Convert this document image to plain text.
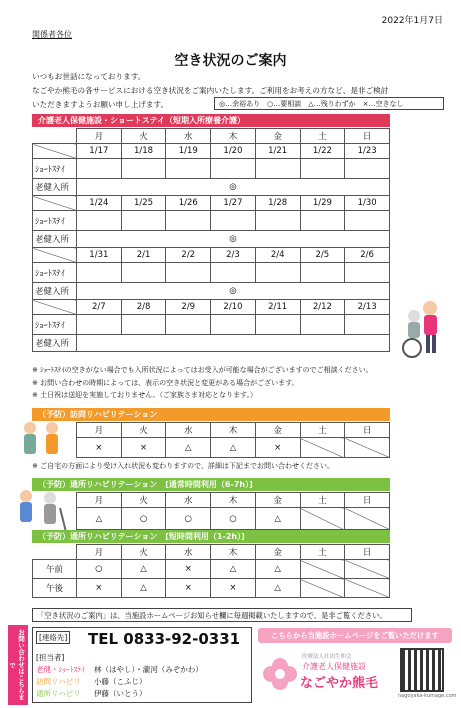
2022年1月7日
関係者各位
空き状況のご案内
いつもお世話になっております。
なごやか熊毛の各サービスにおける空き状況をご案内いたします。ご利用をお考えの方など、是非ご検討
いただきますようお願い申し上げます。	◎…余裕あり　○…要相談　△…残りわずか　×…空きなし
介護老人保健施設・ショートステイ（短期入所療養介護）
	月	火	水	木	金	土	日
	1/17	1/18	1/19	1/20	1/21	1/22	1/23
ｼｮｰﾄｽﾃｲ							
老健入所	◎						
	1/24	1/25	1/26	1/27	1/28	1/29	1/30
ｼｮｰﾄｽﾃｲ							
老健入所	◎						
	1/31	2/1	2/2	2/3	2/4	2/5	2/6
ｼｮｰﾄｽﾃｲ							
老健入所	◎						
	2/7	2/8	2/9	2/10	2/11	2/12	2/13
ｼｮｰﾄｽﾃｲ							
老健入所							
※ ｼｮｰﾄｽﾃｲの空きがない場合でも入所状況によってはお受入が可能な場合がございますのでご相談ください。
※ お問い合わせの時期によっては、表示の空き状況と変更がある場合がございます。
※ 土日祝は送迎を実施しておりません。（ご家族さま対応となります。）
（予防）訪問リハビリテーション
月	火	水	木	金	土	日
×	×	△	△	×		
※ ご自宅の方面により受け入れ状況も変わりますので、詳細は下記までお問い合わせください。
（予防）通所リハビリテーション　[通常時間利用（6-7h）]
月	火	水	木	金	土	日
△	○	○	○	△		
（予防）通所リハビリテーション　[短時間利用（1-2h）]
	月	火	水	木	金	土	日
午前	○	△	×	△	△		
午後	×	△	×	×	△		
「空き状況のご案内」は、当施設ホームページお知らせ欄に毎週掲載いたしますので、是非ご覧ください。
お問い合わせはこちらまで
[連絡先] TEL 0833-92-0331
[担当者]
老健・ｼｮｰﾄｽﾃｲ 林（はやし）・瀧河（みぞかわ）
訪問リハビリ 小藤（こふじ）
通所リハビリ 伊藤（いとう）
こちらから当施設ホームページをご覧いただけます
医療法人社団生和会
介護老人保健施設
なごやか熊毛
nagoyaka-kumage.com
